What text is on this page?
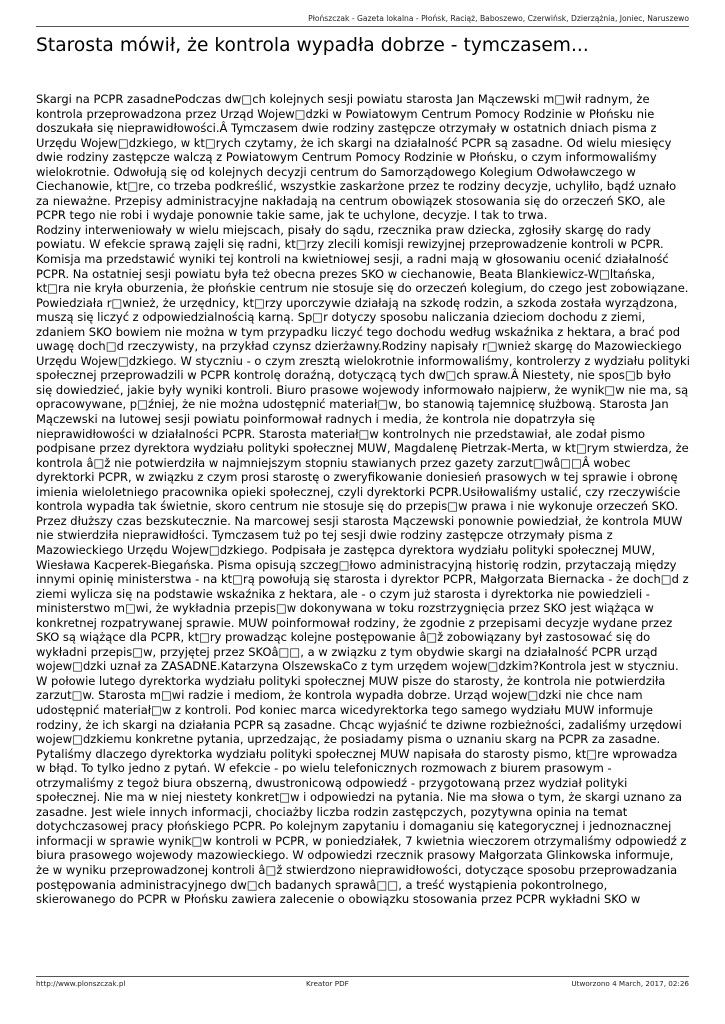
Płońszczak - Gazeta lokalna - Płońsk, Raciąż, Baboszewo, Czerwińsk, Dzierzążnia, Joniec, Naruszewo
Starosta mówił, że kontrola wypadła dobrze - tymczasem...

Skargi na PCPR zasadnePodczas dw□ch kolejnych sesji powiatu starosta Jan Mączewski m□wił radnym, że kontrola przeprowadzona przez Urząd Wojew□dzki w Powiatowym Centrum Pomocy Rodzinie w Płońsku nie doszukała się nieprawidłowości.Â Tymczasem dwie rodziny zastępcze otrzymały w ostatnich dniach pisma z Urzędu Wojew□dzkiego, w kt□rych czytamy, że ich skargi na działalność PCPR są zasadne. Od wielu miesięcy dwie rodziny zastępcze walczą z Powiatowym Centrum Pomocy Rodzinie w Płońsku, o czym informowaliśmy wielokrotnie. Odwołują się od kolejnych decyzji centrum do Samorządowego Kolegium Odwoławczego w Ciechanowie, kt□re, co trzeba podkreślić, wszystkie zaskarżone przez te rodziny decyzje, uchyliło, bądź uznało za nieważne. Przepisy administracyjne nakładają na centrum obowiązek stosowania się do orzeczeń SKO, ale PCPR tego nie robi i wydaje ponownie takie same, jak te uchylone, decyzje. I tak to trwa.

Rodziny interweniowały w wielu miejscach, pisały do sądu, rzecznika praw dziecka, zgłosiły skargę do rady powiatu. W efekcie sprawą zajęli się radni, kt□rzy zlecili komisji rewizyjnej przeprowadzenie kontroli w PCPR. Komisja ma przedstawić wyniki tej kontroli na kwietniowej sesji, a radni mają w głosowaniu ocenić działalność PCPR. Na ostatniej sesji powiatu była też obecna prezes SKO w ciechanowie, Beata Blankiewicz-W□ltańska, kt□ra nie kryła oburzenia, że płońskie centrum nie stosuje się do orzeczeń kolegium, do czego jest zobowiązane. Powiedziała r□wnież, że urzędnicy, kt□rzy uporczywie działają na szkodę rodzin, a szkoda została wyrządzona, muszą się liczyć z odpowiedzialnością karną. Sp□r dotyczy sposobu naliczania dzieciom dochodu z ziemi, zdaniem SKO bowiem nie można w tym przypadku liczyć tego dochodu według wskaźnika z hektara, a brać pod uwagę doch□d rzeczywisty, na przykład czynsz dzierżawny.Rodziny napisały r□wnież skargę do Mazowieckiego Urzędu Wojew□dzkiego. W styczniu - o czym zresztą wielokrotnie informowaliśmy, kontrolerzy z wydziału polityki społecznej przeprowadzili w PCPR kontrolę doraźną, dotyczącą tych dw□ch spraw.Â Niestety, nie spos□b było się dowiedzieć, jakie były wyniki kontroli. Biuro prasowe wojewody informowało najpierw, że wynik□w nie ma, są opracowywane, p□źniej, że nie można udostępnić materiał□w, bo stanowią tajemnicę służbową. Starosta Jan Mączewski na lutowej sesji powiatu poinformował radnych i media, że kontrola nie dopatrzyła się nieprawidłowości w działalności PCPR. Starosta materiał□w kontrolnych nie przedstawiał, ale zodał pismo podpisane przez dyrektora wydziału polityki społecznej MUW, Magdalenę Pietrzak-Merta, w kt□rym stwierdza, że kontrola â□ž nie potwierdziła w najmniejszym stopniu stawianych przez gazety zarzut□wâ□□Â wobec dyrektorki PCPR, w związku z czym prosi starostę o zweryfikowanie doniesień prasowych w tej sprawie i obronę imienia wieloletniego pracownika opieki społecznej, czyli dyrektorki PCPR.Usiłowaliśmy ustalić, czy rzeczywiście kontrola wypadła tak świetnie, skoro centrum nie stosuje się do przepis□w prawa i nie wykonuje orzeczeń SKO. Przez dłuższy czas bezskutecznie. Na marcowej sesji starosta Mączewski ponownie powiedział, że kontrola MUW nie stwierdziła nieprawidłości. Tymczasem tuż po tej sesji dwie rodziny zastępcze otrzymały pisma z Mazowieckiego Urzędu Wojew□dzkiego. Podpisała je zastępca dyrektora wydziału polityki społecznej MUW, Wiesława Kacperek-Biegańska. Pisma opisują szczeg□łowo administracyjną historię rodzin, przytaczają między innymi opinię ministerstwa - na kt□rą powołują się starosta i dyrektor PCPR, Małgorzata Biernacka - że doch□d z ziemi wylicza się na podstawie wskaźnika z hektara, ale - o czym już starosta i dyrektorka nie powiedzieli - ministerstwo m□wi, że wykładnia przepis□w dokonywana w toku rozstrzygnięcia przez SKO jest wiążąca w konkretnej rozpatrywanej sprawie. MUW poinformował rodziny, że zgodnie z przepisami decyzje wydane przez SKO są wiążące dla PCPR, kt□ry prowadząc kolejne postępowanie â□ž zobowiązany był zastosować się do wykładni przepis□w, przyjętej przez SKOâ□□, a w związku z tym obydwie skargi na działalność PCPR urząd wojew□dzki uznał za ZASADNE.Katarzyna OlszewskaCo z tym urzędem wojew□dzkim?Kontrola jest w styczniu. W połowie lutego dyrektorka wydziału polityki społecznej MUW pisze do starosty, że kontrola nie potwierdziła zarzut□w. Starosta m□wi radzie i mediom, że kontrola wypadła dobrze. Urząd wojew□dzki nie chce nam udostępnić materiał□w z kontroli. Pod koniec marca wicedyrektorka tego samego wydziału MUW informuje rodziny, że ich skargi na działania PCPR są zasadne. Chcąc wyjaśnić te dziwne rozbieżności, zadaliśmy urzędowi wojew□dzkiemu konkretne pytania, uprzedzając, że posiadamy pisma o uznaniu skarg na PCPR za zasadne. Pytaliśmy dlaczego dyrektorka wydziału polityki społecznej MUW napisała do starosty pismo, kt□re wprowadza w błąd. To tylko jedno z pytań. W efekcie - po wielu telefonicznych rozmowach z biurem prasowym - otrzymaliśmy z tegoż biura obszerną, dwustronicową odpowiedź - przygotowaną przez wydział polityki społecznej. Nie ma w niej niestety konkret□w i odpowiedzi na pytania. Nie ma słowa o tym, że skargi uznano za zasadne. Jest wiele innych informacji, chociażby liczba rodzin zastępczych, pozytywna opinia na temat dotychczasowej pracy płońskiego PCPR. Po kolejnym zapytaniu i domaganiu się kategorycznej i jednoznacznej informacji w sprawie wynik□w kontroli w PCPR, w poniedziałek, 7 kwietnia wieczorem otrzymaliśmy odpowiedź z biura prasowego wojewody mazowieckiego. W odpowiedzi rzecznik prasowy Małgorzata Glinkowska informuje, że w wyniku przeprowadzonej kontroli â□ž stwierdzono nieprawidłowości, dotyczące sposobu przeprowadzania postępowania administracyjnego dw□ch badanych sprawâ□□, a treść wystąpienia pokontrolnego, skierowanego do PCPR w Płońsku zawiera zalecenie o obowiązku stosowania przez PCPR wykładni SKO w

http://www.plonszczak.pl	Kreator PDF	Utworzono 4 March, 2017, 02:26
